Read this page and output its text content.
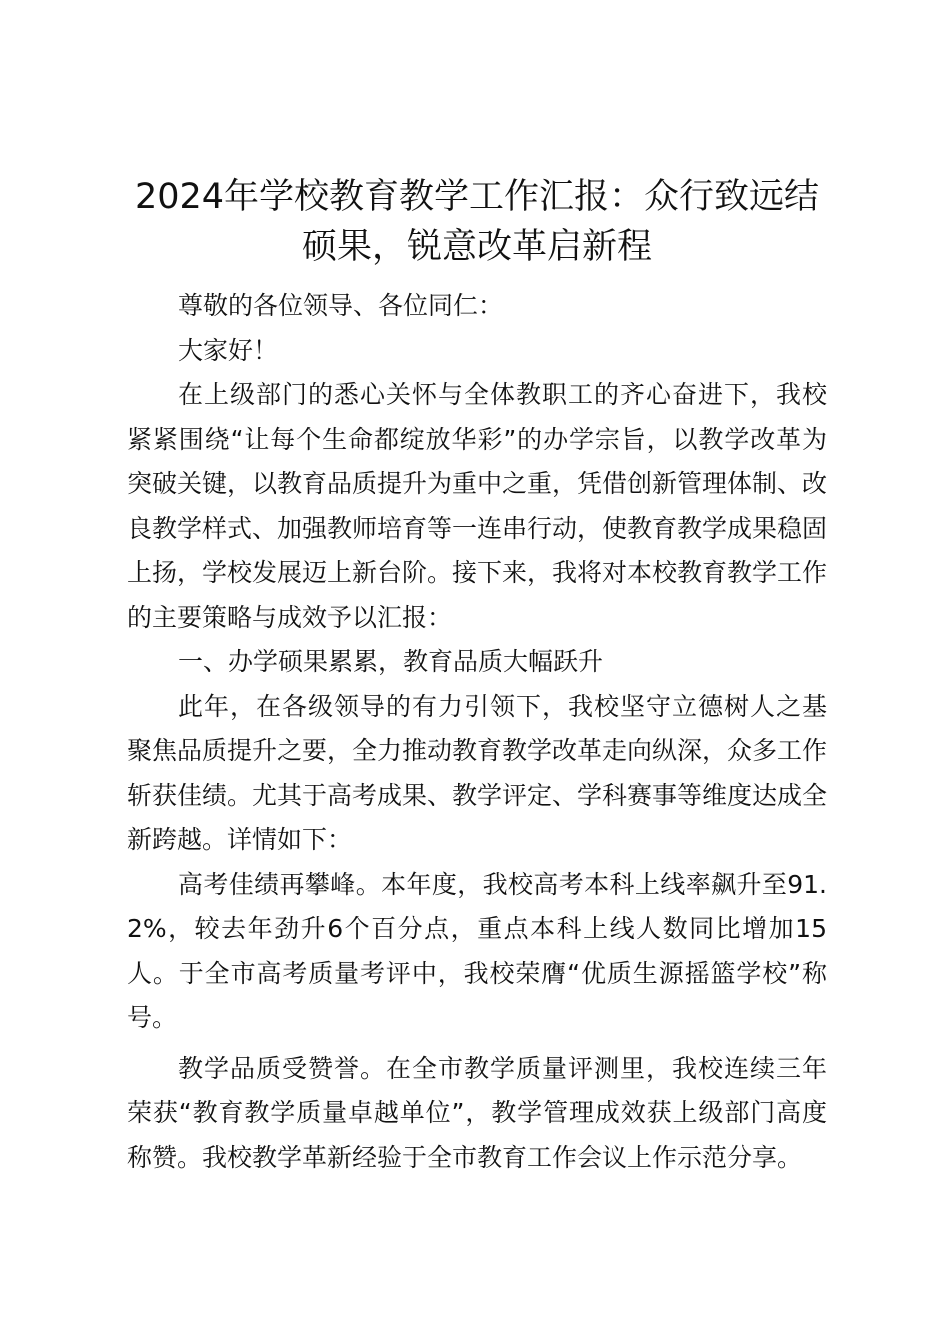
2024年学校教育教学工作汇报：众行致远结
硕果，锐意改革启新程

尊敬的各位领导、各位同仁：

大家好！

在上级部门的悉心关怀与全体教职工的齐心奋进下，我校紧紧围绕“让每个生命都绽放华彩”的办学宗旨，以教学改革为突破关键，以教育品质提升为重中之重，凭借创新管理体制、改良教学样式、加强教师培育等一连串行动，使教育教学成果稳固上扬，学校发展迈上新台阶。接下来，我将对本校教育教学工作的主要策略与成效予以汇报：

一、办学硕果累累，教育品质大幅跃升

此年，在各级领导的有力引领下，我校坚守立德树人之基聚焦品质提升之要，全力推动教育教学改革走向纵深，众多工作斩获佳绩。尤其于高考成果、教学评定、学科赛事等维度达成全新跨越。详情如下：

高考佳绩再攀峰。本年度，我校高考本科上线率飙升至91.2%，较去年劲升6个百分点，重点本科上线人数同比增加15人。于全市高考质量考评中，我校荣膺“优质生源摇篮学校”称号。

教学品质受赞誉。在全市教学质量评测里，我校连续三年荣获“教育教学质量卓越单位”，教学管理成效获上级部门高度称赞。我校教学革新经验于全市教育工作会议上作示范分享。
